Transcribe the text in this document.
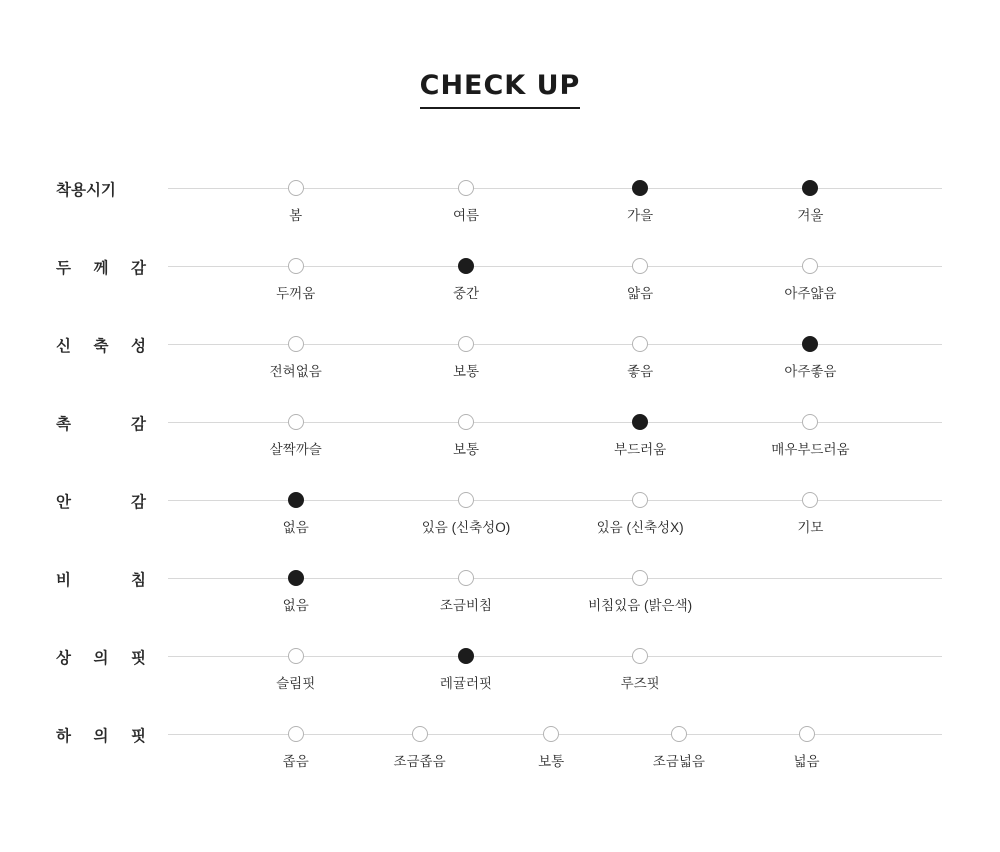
CHECK UP
착용시기
봄	여름	가을	겨울
두 께 감
두꺼움	중간	얇음	아주얇음
신 축 성
전혀없음	보통	좋음	아주좋음
촉	감
살짝까슬	보통	부드러움	매우부드러움
안	감
없음	있음 (신축성O)	있음 (신축성X)	기모
비	침
없음	조금비침	비침있음 (밝은색)
상 의 핏
슬림핏	레귤러핏	루즈핏
하 의 핏
좁음	조금좁음	보통	조금넓음	넓음
